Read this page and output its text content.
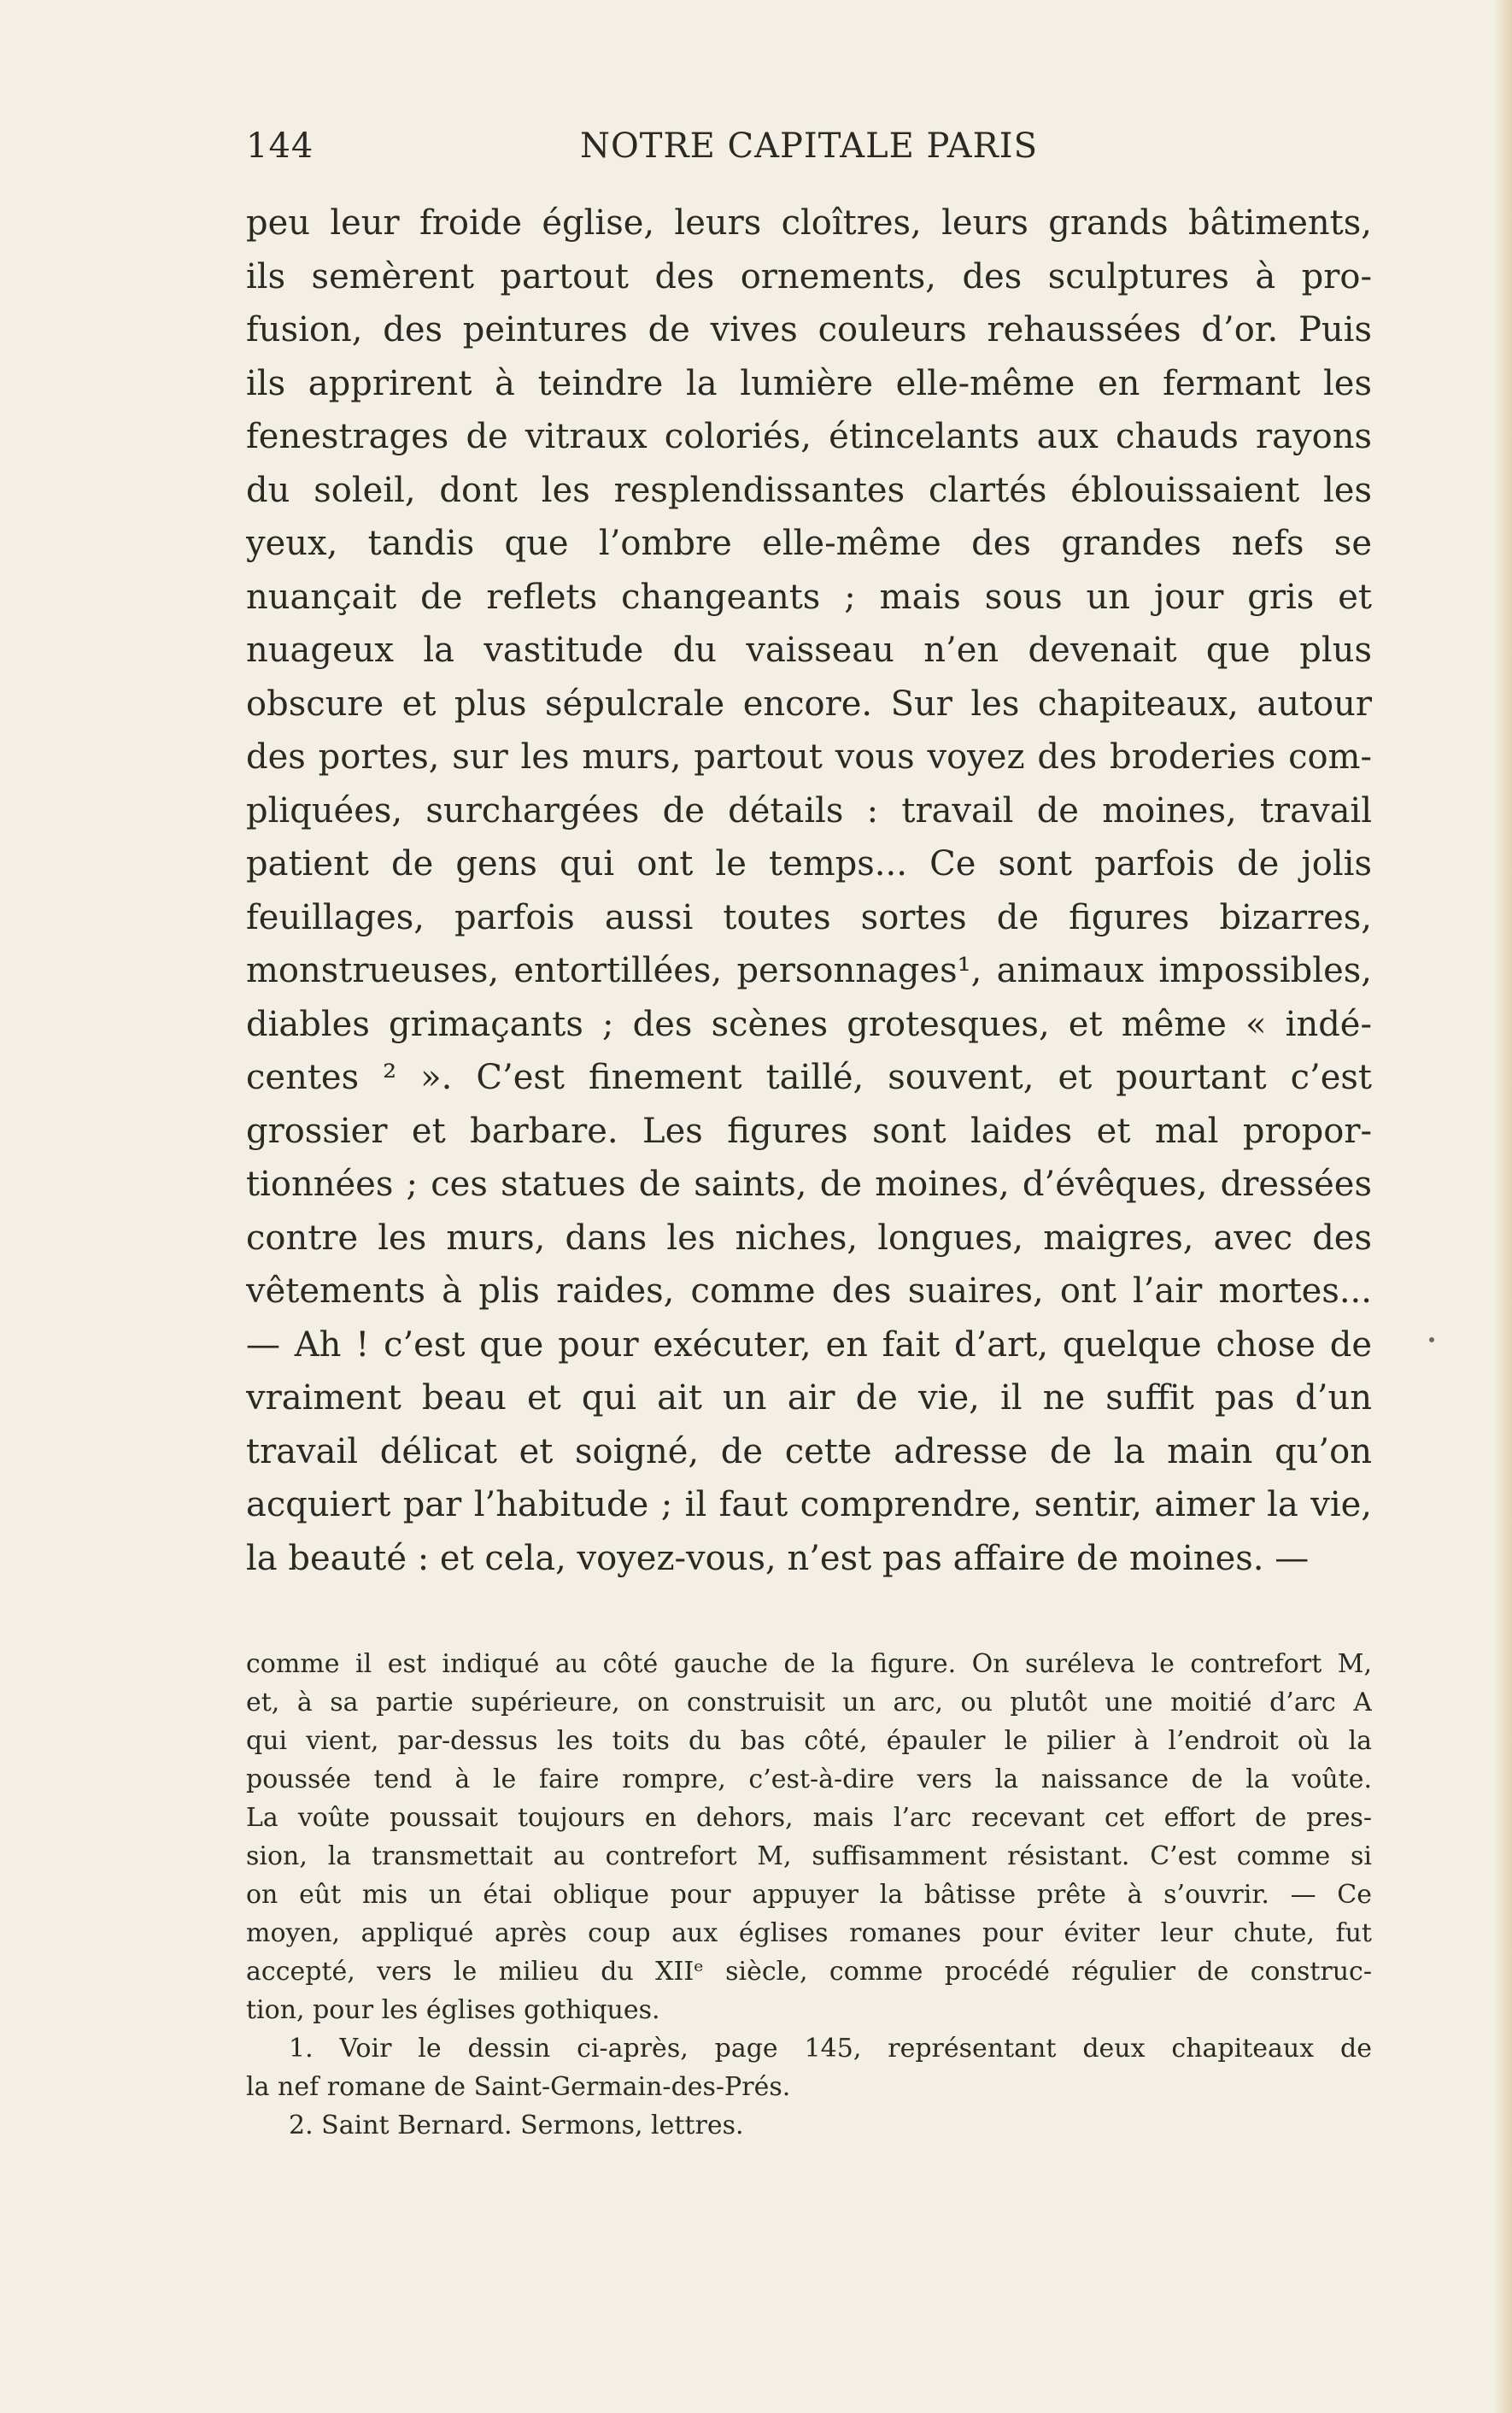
144	NOTRE CAPITALE PARIS
peu leur froide église, leurs cloîtres, leurs grands bâtiments,
ils semèrent partout des ornements, des sculptures à pro-
fusion, des peintures de vives couleurs rehaussées d’or. Puis
ils apprirent à teindre la lumière elle-même en fermant les
fenestrages de vitraux coloriés, étincelants aux chauds rayons
du soleil, dont les resplendissantes clartés éblouissaient les
yeux, tandis que l’ombre elle-même des grandes nefs se
nuançait de reflets changeants ; mais sous un jour gris et
nuageux la vastitude du vaisseau n’en devenait que plus
obscure et plus sépulcrale encore. Sur les chapiteaux, autour
des portes, sur les murs, partout vous voyez des broderies com-
pliquées, surchargées de détails : travail de moines, travail
patient de gens qui ont le temps... Ce sont parfois de jolis
feuillages, parfois aussi toutes sortes de figures bizarres,
monstrueuses, entortillées, personnages¹, animaux impossibles,
diables grimaçants ; des scènes grotesques, et même « indé-
centes ² ». C’est finement taillé, souvent, et pourtant c’est
grossier et barbare. Les figures sont laides et mal propor-
tionnées ; ces statues de saints, de moines, d’évêques, dressées
contre les murs, dans les niches, longues, maigres, avec des
vêtements à plis raides, comme des suaires, ont l’air mortes...
— Ah ! c’est que pour exécuter, en fait d’art, quelque chose de
vraiment beau et qui ait un air de vie, il ne suffit pas d’un
travail délicat et soigné, de cette adresse de la main qu’on
acquiert par l’habitude ; il faut comprendre, sentir, aimer la vie,
la beauté : et cela, voyez-vous, n’est pas affaire de moines. —
comme il est indiqué au côté gauche de la figure. On suréleva le contrefort M,
et, à sa partie supérieure, on construisit un arc, ou plutôt une moitié d’arc A
qui vient, par-dessus les toits du bas côté, épauler le pilier à l’endroit où la
poussée tend à le faire rompre, c’est-à-dire vers la naissance de la voûte.
La voûte poussait toujours en dehors, mais l’arc recevant cet effort de pres-
sion, la transmettait au contrefort M, suffisamment résistant. C’est comme si
on eût mis un étai oblique pour appuyer la bâtisse prête à s’ouvrir. — Ce
moyen, appliqué après coup aux églises romanes pour éviter leur chute, fut
accepté, vers le milieu du XIIᵉ siècle, comme procédé régulier de construc-
tion, pour les églises gothiques.
1. Voir le dessin ci-après, page 145, représentant deux chapiteaux de
la nef romane de Saint-Germain-des-Prés.
2. Saint Bernard. Sermons, lettres.
